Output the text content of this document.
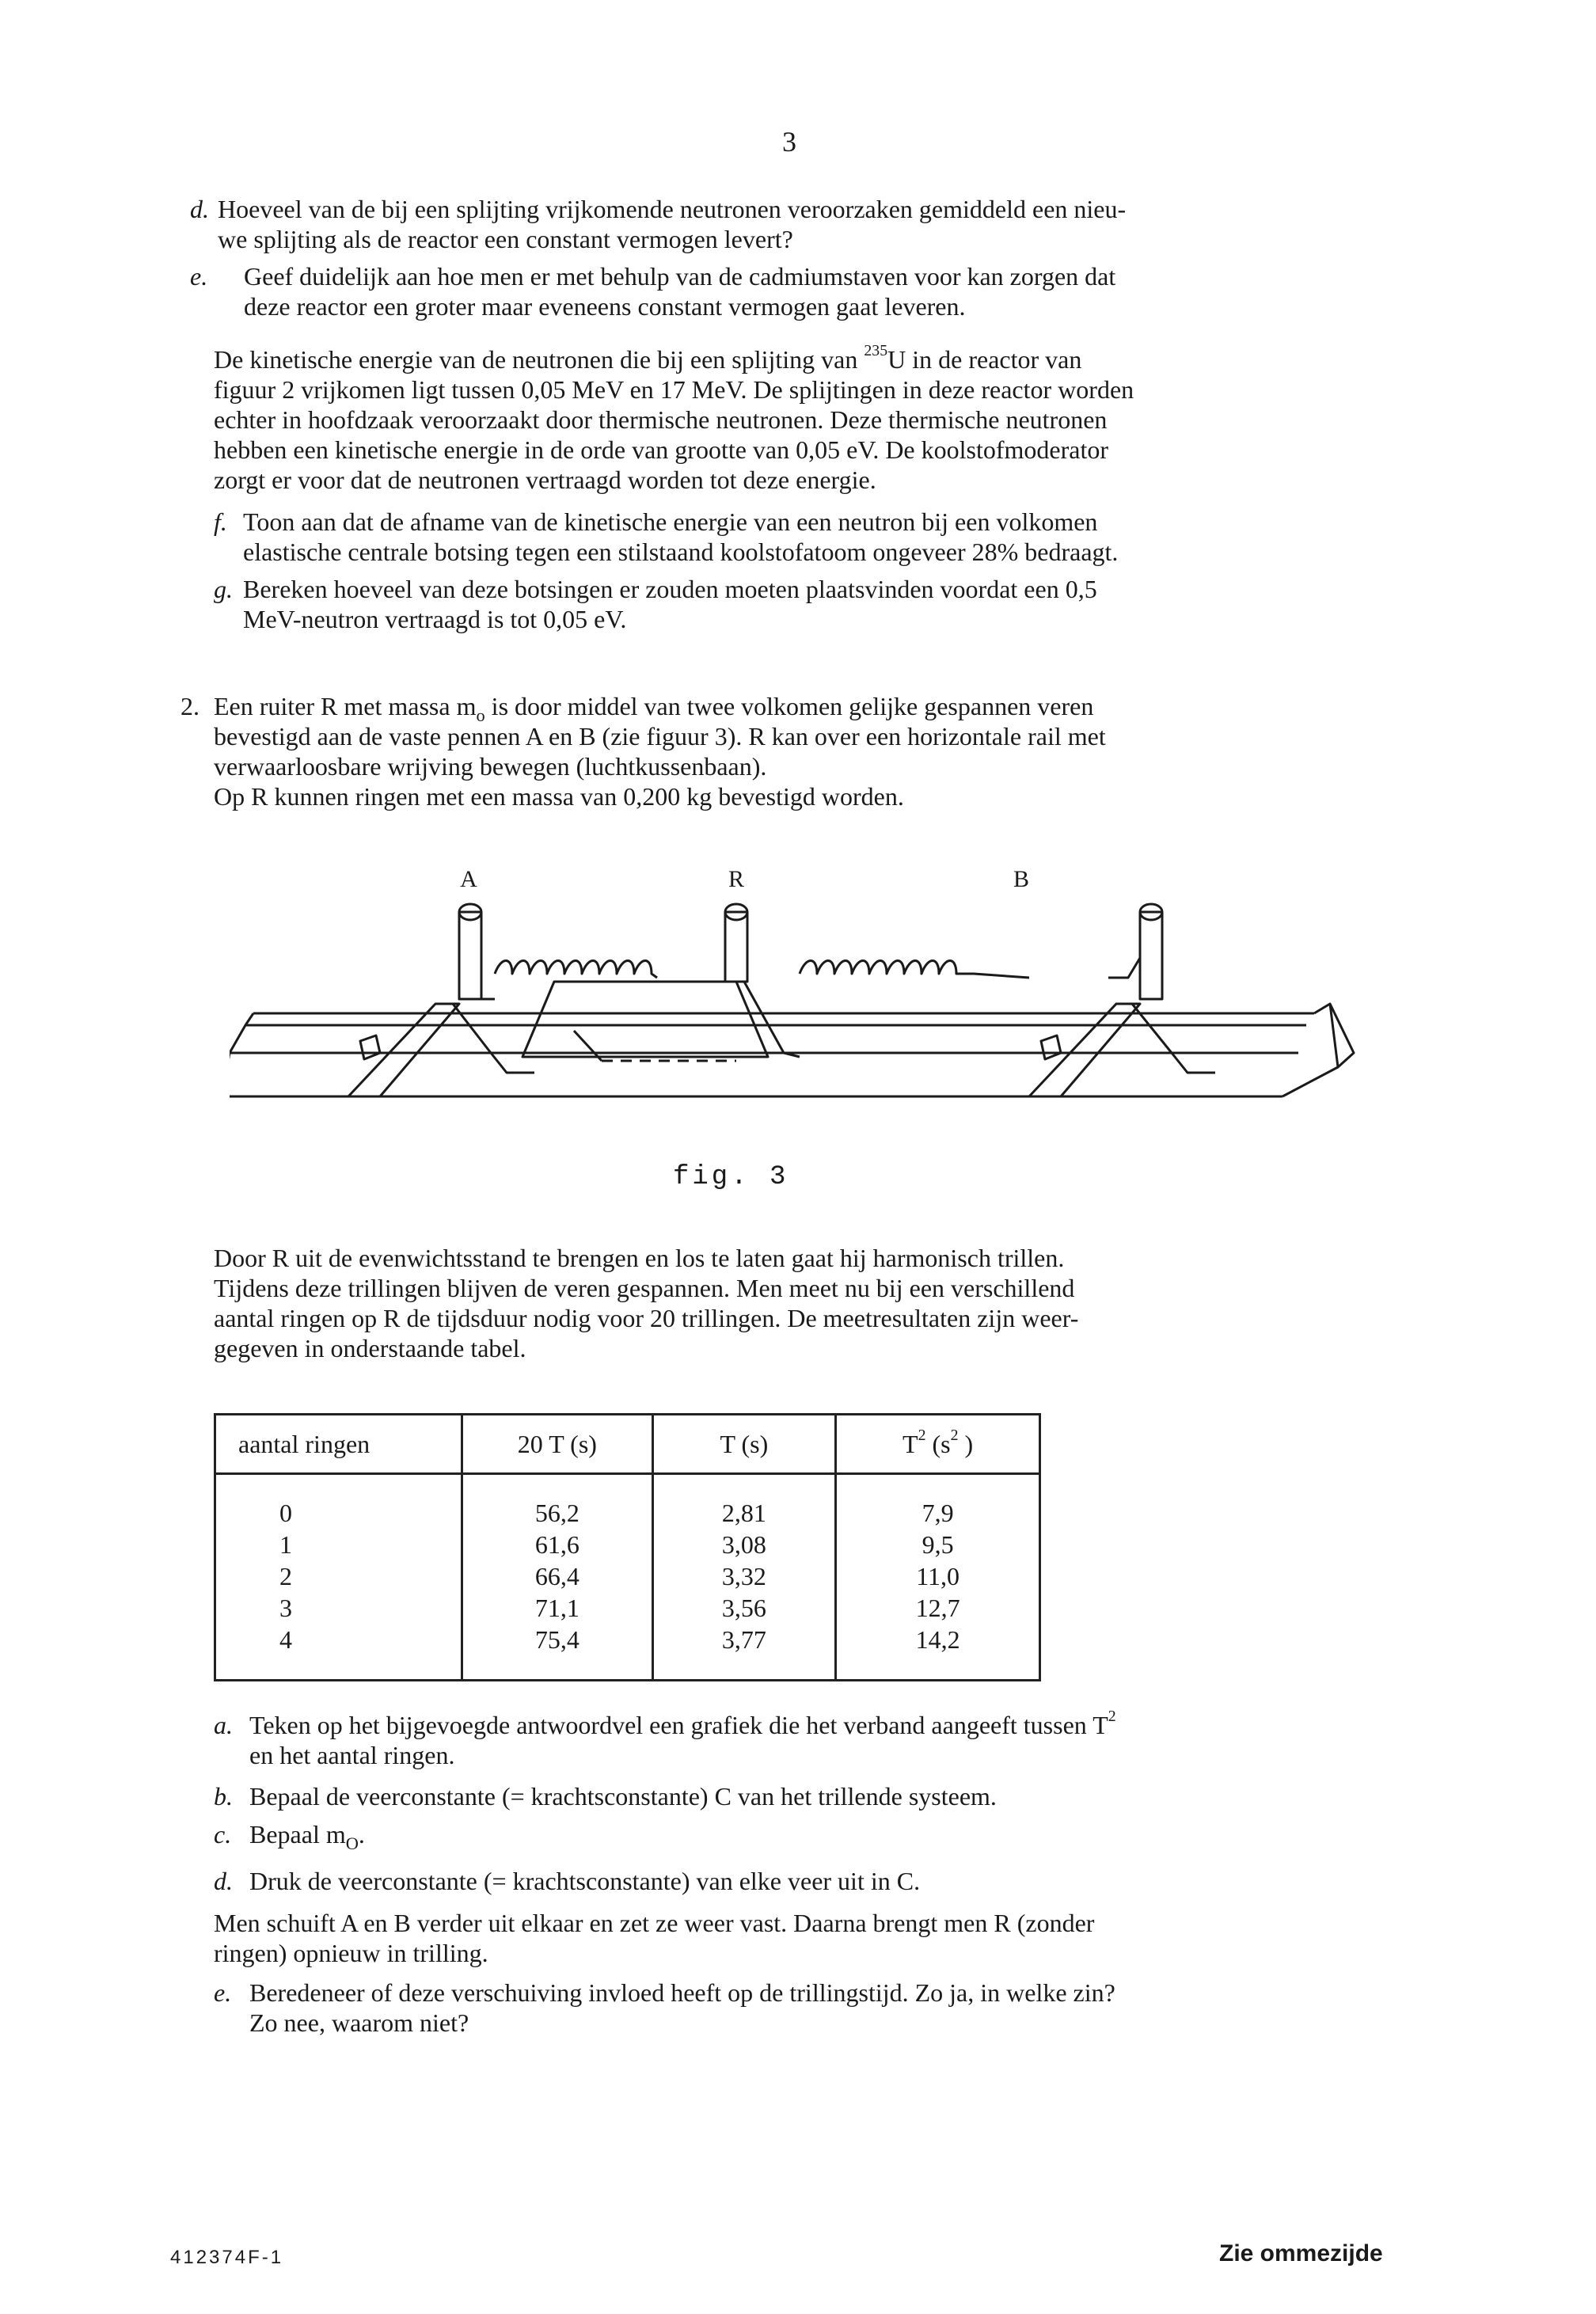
3
d. Hoeveel van de bij een splijting vrijkomende neutronen veroorzaken gemiddeld een nieu-
we splijting als de reactor een constant vermogen levert?
e. Geef duidelijk aan hoe men er met behulp van de cadmiumstaven voor kan zorgen dat
deze reactor een groter maar eveneens constant vermogen gaat leveren.
De kinetische energie van de neutronen die bij een splijting van $^{235}$U in de reactor van
figuur 2 vrijkomen ligt tussen 0,05 MeV en 17 MeV. De splijtingen in deze reactor worden
echter in hoofdzaak veroorzaakt door thermische neutronen. Deze thermische neutronen
hebben een kinetische energie in de orde van grootte van 0,05 eV. De koolstofmoderator
zorgt er voor dat de neutronen vertraagd worden tot deze energie.
f. Toon aan dat de afname van de kinetische energie van een neutron bij een volkomen
elastische centrale botsing tegen een stilstaand koolstofatoom ongeveer 28% bedraagt.
g. Bereken hoeveel van deze botsingen er zouden moeten plaatsvinden voordat een 0,5
MeV-neutron vertraagd is tot 0,05 eV.
2. Een ruiter R met massa $m_o$ is door middel van twee volkomen gelijke gespannen veren
bevestigd aan de vaste pennen A en B (zie figuur 3). R kan over een horizontale rail met
verwaarloosbare wrijving bewegen (luchtkussenbaan).
Op R kunnen ringen met een massa van 0,200 kg bevestigd worden.
A	R	B
fig. 3
Door R uit de evenwichtsstand te brengen en los te laten gaat hij harmonisch trillen.
Tijdens deze trillingen blijven de veren gespannen. Men meet nu bij een verschillend
aantal ringen op R de tijdsduur nodig voor 20 trillingen. De meetresultaten zijn weer-
gegeven in onderstaande tabel.
aantal ringen	20 T (s)	T (s)	$T^2$ ($s^2$ )
0	56,2	2,81	7,9
1	61,6	3,08	9,5
2	66,4	3,32	11,0
3	71,1	3,56	12,7
4	75,4	3,77	14,2
a. Teken op het bijgevoegde antwoordvel een grafiek die het verband aangeeft tussen $T^2$
en het aantal ringen.
b. Bepaal de veerconstante (= krachtsconstante) C van het trillende systeem.
c. Bepaal $m_O$.
d. Druk de veerconstante (= krachtsconstante) van elke veer uit in C.
Men schuift A en B verder uit elkaar en zet ze weer vast. Daarna brengt men R (zonder
ringen) opnieuw in trilling.
e. Beredeneer of deze verschuiving invloed heeft op de trillingstijd. Zo ja, in welke zin?
Zo nee, waarom niet?
412374F-1	Zie ommezijde
